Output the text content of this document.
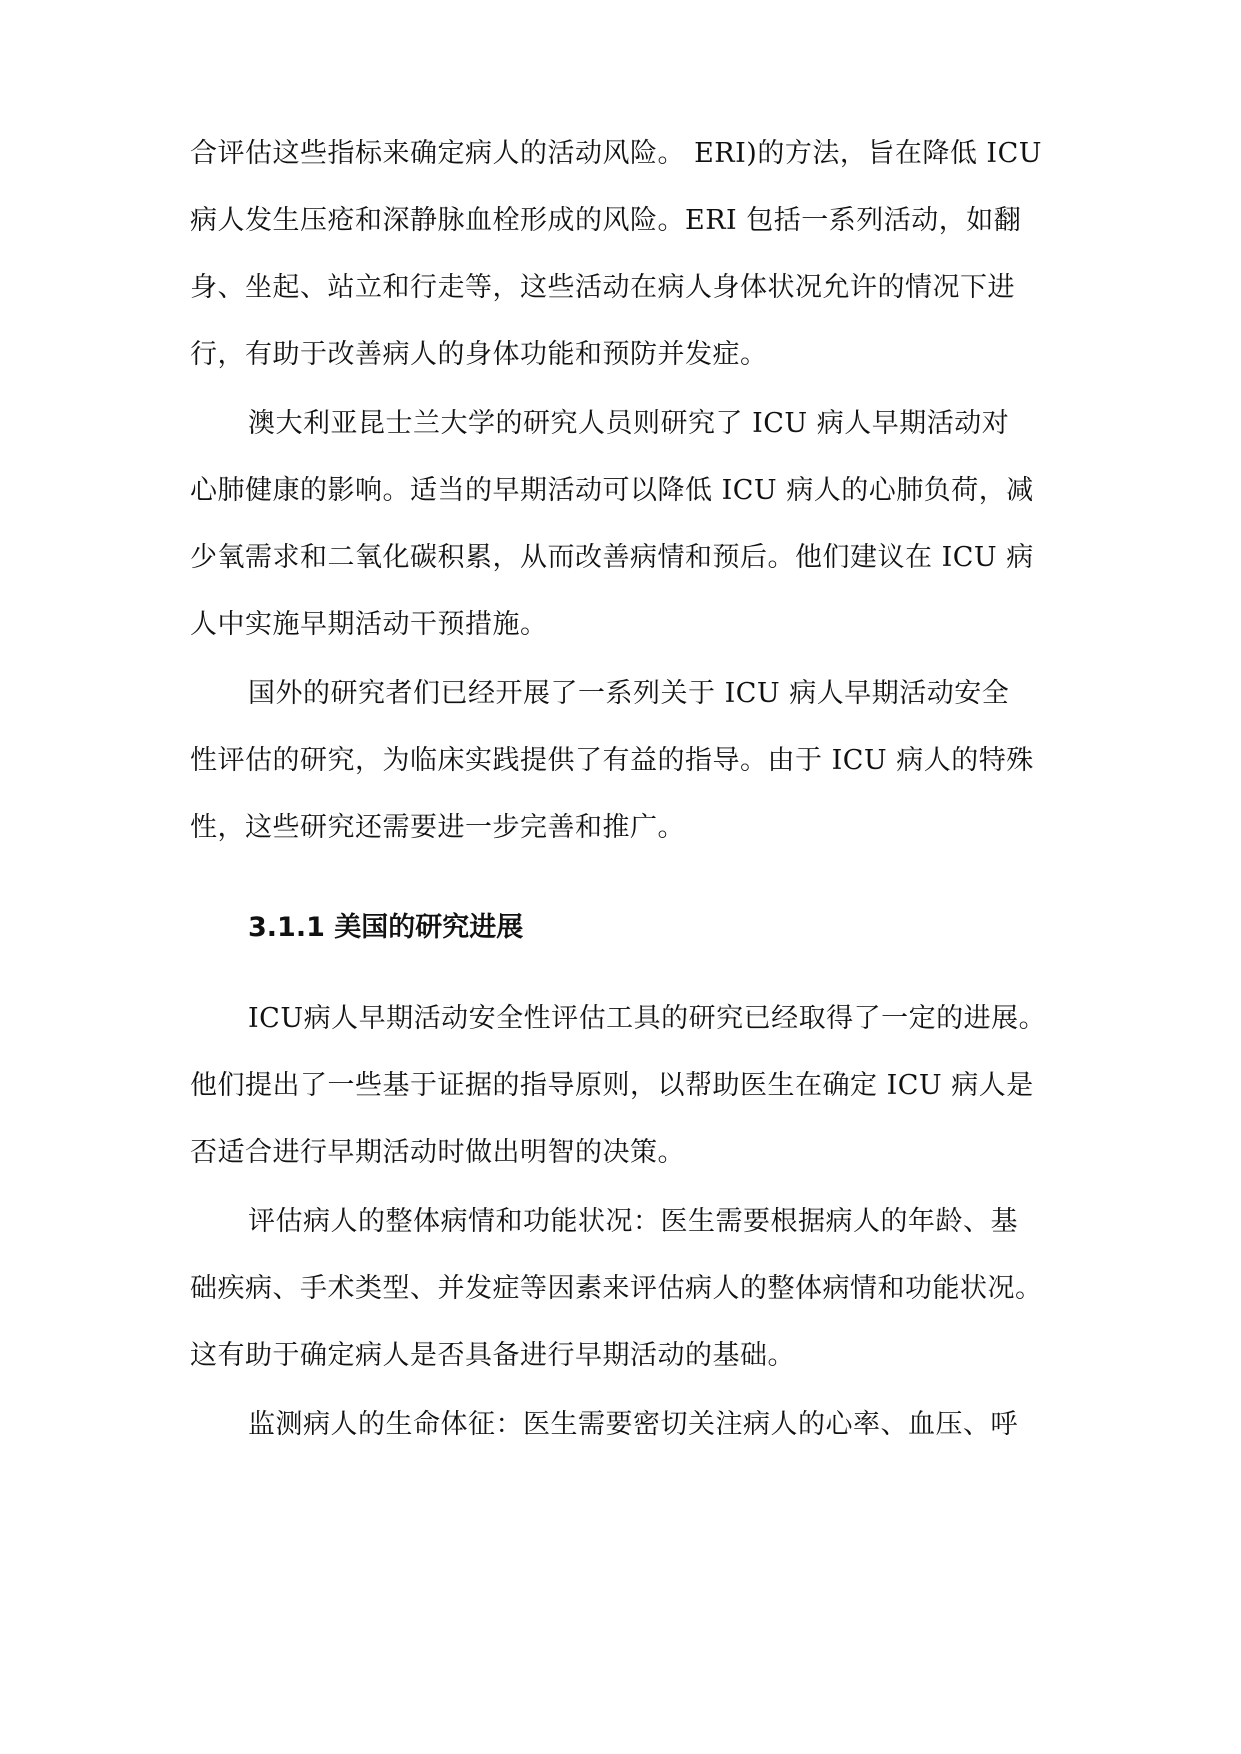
合评估这些指标来确定病人的活动风险。 ERI)的方法，旨在降低 ICU
病人发生压疮和深静脉血栓形成的风险。ERI 包括一系列活动，如翻
身、坐起、站立和行走等，这些活动在病人身体状况允许的情况下进
行，有助于改善病人的身体功能和预防并发症。
澳大利亚昆士兰大学的研究人员则研究了 ICU 病人早期活动对
心肺健康的影响。适当的早期活动可以降低 ICU 病人的心肺负荷，减
少氧需求和二氧化碳积累，从而改善病情和预后。他们建议在 ICU 病
人中实施早期活动干预措施。
国外的研究者们已经开展了一系列关于 ICU 病人早期活动安全
性评估的研究，为临床实践提供了有益的指导。由于 ICU 病人的特殊
性，这些研究还需要进一步完善和推广。
3.1.1 美国的研究进展
ICU病人早期活动安全性评估工具的研究已经取得了一定的进展。
他们提出了一些基于证据的指导原则，以帮助医生在确定 ICU 病人是
否适合进行早期活动时做出明智的决策。
评估病人的整体病情和功能状况：医生需要根据病人的年龄、基
础疾病、手术类型、并发症等因素来评估病人的整体病情和功能状况。
这有助于确定病人是否具备进行早期活动的基础。
监测病人的生命体征：医生需要密切关注病人的心率、血压、呼
